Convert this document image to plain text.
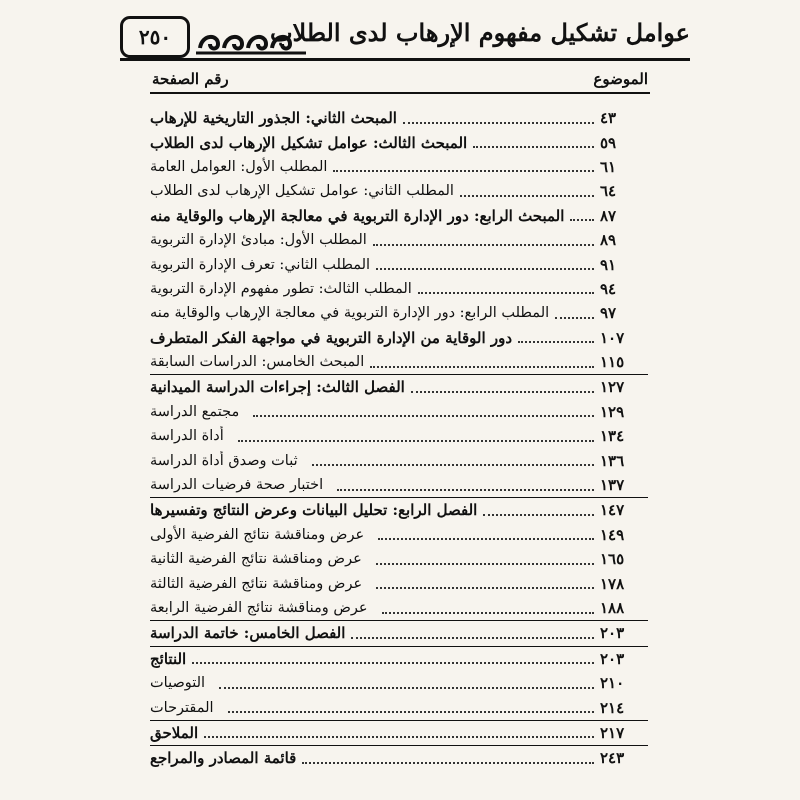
٢٥٠	عوامل تشكيل مفهوم الإرهاب لدى الطلاب
الموضوع
رقم الصفحة
المبحث الثاني: الجذور التاريخية للإرهاب	٤٣
المبحث الثالث: عوامل تشكيل الإرهاب لدى الطلاب	٥٩
المطلب الأول: العوامل العامة	٦١
المطلب الثاني: عوامل تشكيل الإرهاب لدى الطلاب	٦٤
المبحث الرابع: دور الإدارة التربوية في معالجة الإرهاب والوقاية منه ٨٧
المطلب الأول: مبادئ الإدارة التربوية	٨٩
المطلب الثاني: تعرف الإدارة التربوية	٩١
المطلب الثالث: تطور مفهوم الإدارة التربوية	٩٤
المطلب الرابع: دور الإدارة التربوية في معالجة الإرهاب والوقاية منه	٩٧
دور الوقاية من الإدارة التربوية في مواجهة الفكر المتطرف	١٠٧
المبحث الخامس: الدراسات السابقة	١١٥
الفصل الثالث: إجراءات الدراسة الميدانية	١٢٧
مجتمع الدراسة	١٢٩
أداة الدراسة	١٣٤
ثبات وصدق أداة الدراسة	١٣٦
اختبار صحة فرضيات الدراسة	١٣٧
الفصل الرابع: تحليل البيانات وعرض النتائج وتفسيرها	١٤٧
عرض ومناقشة نتائج الفرضية الأولى	١٤٩
عرض ومناقشة نتائج الفرضية الثانية	١٦٥
عرض ومناقشة نتائج الفرضية الثالثة	١٧٨
عرض ومناقشة نتائج الفرضية الرابعة	١٨٨
الفصل الخامس: خاتمة الدراسة	٢٠٣
النتائج	٢٠٣
التوصيات	٢١٠
المقترحات	٢١٤
الملاحق	٢١٧
قائمة المصادر والمراجع	٢٤٣
